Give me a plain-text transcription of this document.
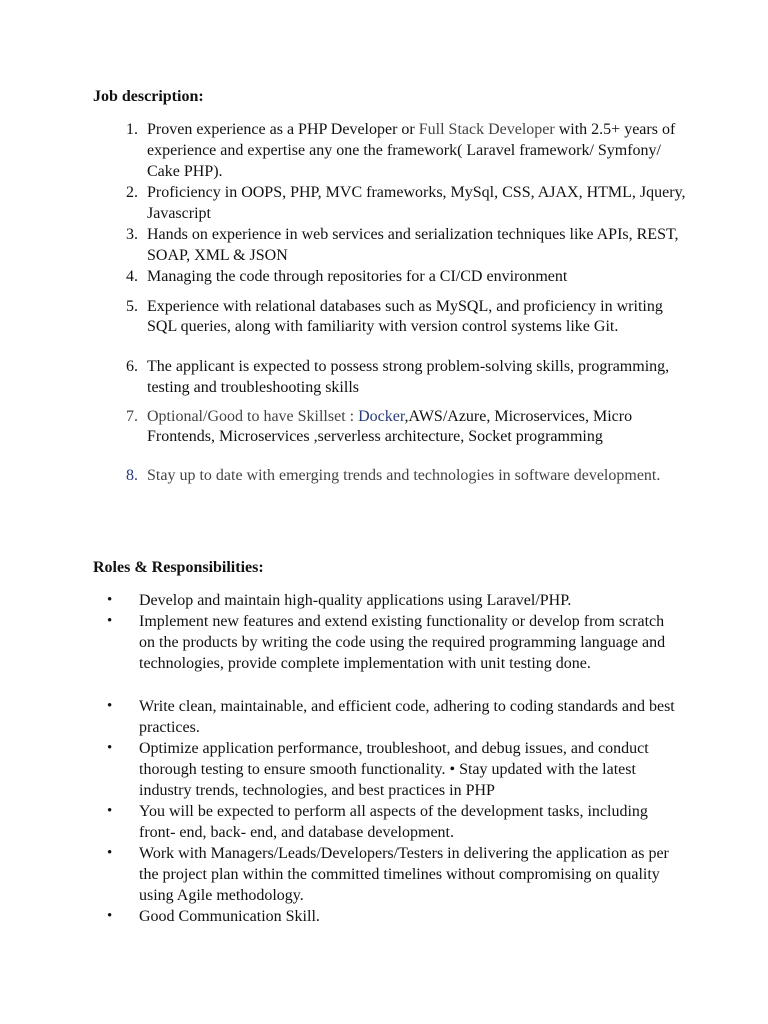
Job description:
1. Proven experience as a PHP Developer or Full Stack Developer with 2.5+ years of experience and expertise any one the framework( Laravel framework/ Symfony/ Cake PHP).
2. Proficiency in OOPS, PHP, MVC frameworks, MySql, CSS, AJAX, HTML, Jquery, Javascript
3. Hands on experience in web services and serialization techniques like APIs, REST, SOAP, XML & JSON
4. Managing the code through repositories for a CI/CD environment
5. Experience with relational databases such as MySQL, and proficiency in writing SQL queries, along with familiarity with version control systems like Git.
6. The applicant is expected to possess strong problem-solving skills, programming, testing and troubleshooting skills
7. Optional/Good to have Skillset : Docker,AWS/Azure, Microservices, Micro Frontends, Microservices ,serverless architecture, Socket programming
8. Stay up to date with emerging trends and technologies in software development.
Roles & Responsibilities:
• Develop and maintain high-quality applications using Laravel/PHP.
• Implement new features and extend existing functionality or develop from scratch on the products by writing the code using the required programming language and technologies, provide complete implementation with unit testing done.
• Write clean, maintainable, and efficient code, adhering to coding standards and best practices.
• Optimize application performance, troubleshoot, and debug issues, and conduct thorough testing to ensure smooth functionality. • Stay updated with the latest industry trends, technologies, and best practices in PHP
• You will be expected to perform all aspects of the development tasks, including front- end, back- end, and database development.
• Work with Managers/Leads/Developers/Testers in delivering the application as per the project plan within the committed timelines without compromising on quality using Agile methodology.
• Good Communication Skill.
